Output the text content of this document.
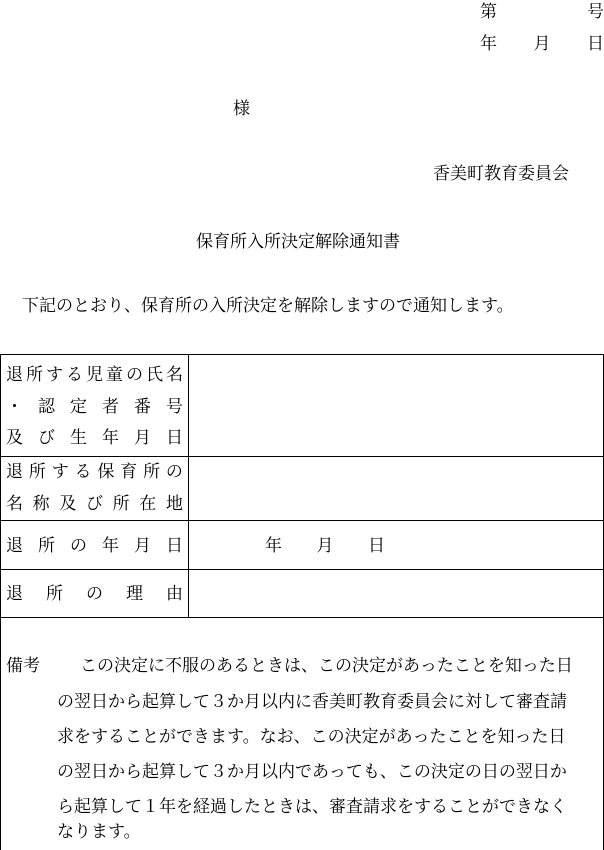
第	号
年 月 日
様
香美町教育委員会
保育所入所決定解除通知書
下記のとおり、保育所の入所決定を解除しますので通知します。
退 所 す る 児 童 の 氏 名
・ 認 定 者 番 号
及 び 生 年 月 日
退 所 す る 保 育 所 の
名 称 及 び 所 在 地
退 所 の 年 月 日	年 月 日
退 所 の 理 由
備考 この決定に不服のあるときは、この決定があったことを知った日
の翌日から起算して３か月以内に香美町教育委員会に対して審査請
求をすることができます。なお、この決定があったことを知った日
の翌日から起算して３か月以内であっても、この決定の日の翌日か
ら起算して１年を経過したときは、審査請求をすることができなく
なります。
